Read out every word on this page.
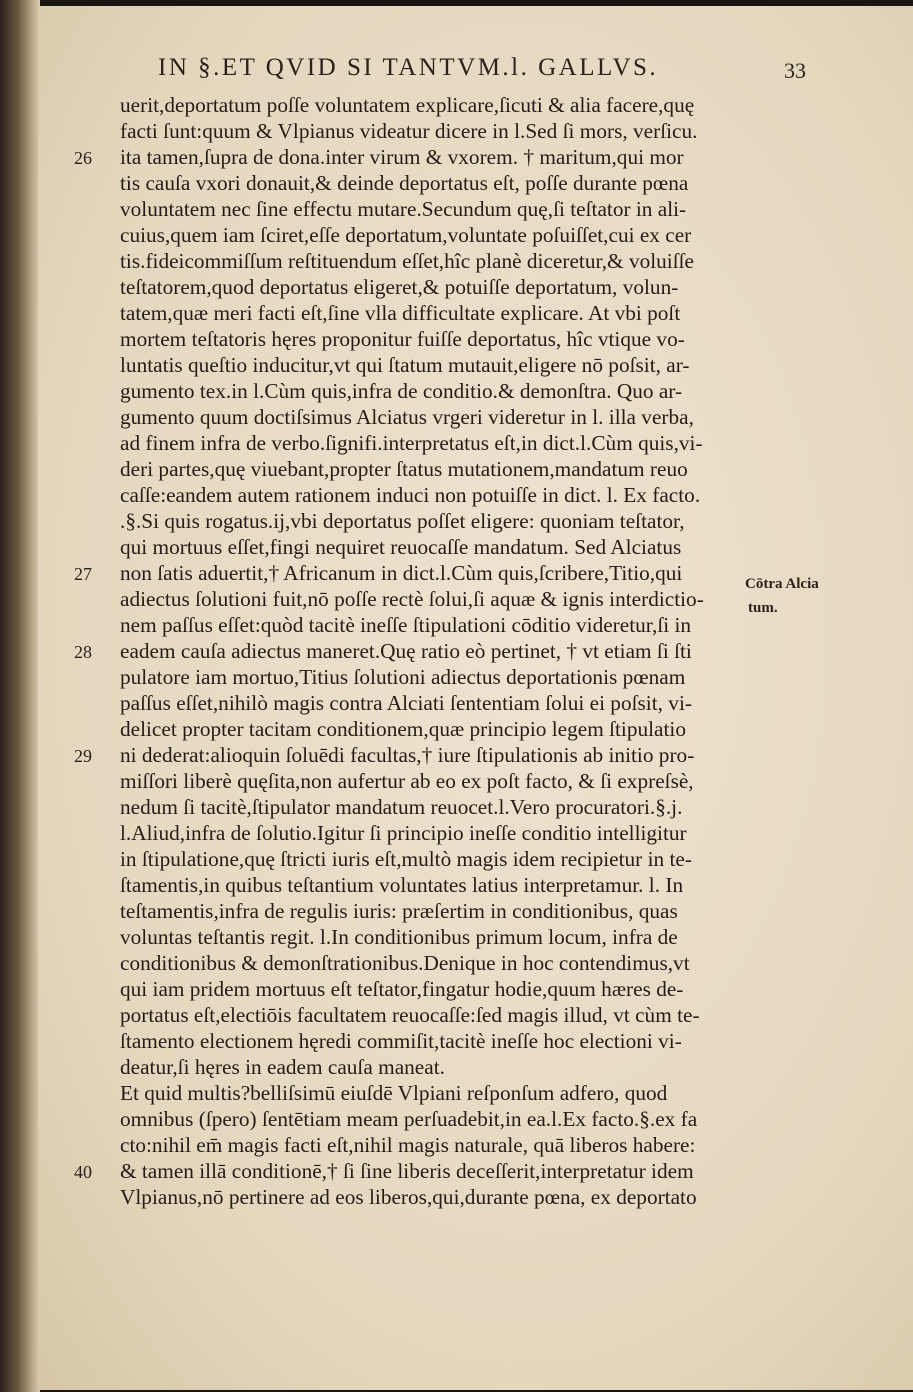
IN §.ET QVID SI TANTVM.l. GALLVS.	33
uerit,deportatum poſſe voluntatem explicare,ſicuti & alia facere,quę
facti ſunt:quum & Vlpianus videatur dicere in l.Sed ſi mors, verſicu.
ita tamen,ſupra de dona.inter virum & vxorem. † maritum,qui mor
26
tis cauſa vxori donauit,& deinde deportatus eſt, poſſe durante pœna
voluntatem nec ſine effectu mutare.Secundum quę,ſi teſtator in ali-
cuius,quem iam ſciret,eſſe deportatum,voluntate poſuiſſet,cui ex cer
tis.fideicommiſſum reſtituendum eſſet,hîc planè diceretur,& voluiſſe
teſtatorem,quod deportatus eligeret,& potuiſſe deportatum, volun-
tatem,quæ meri facti eſt,ſine vlla difficultate explicare. At vbi poſt
mortem teſtatoris hęres proponitur fuiſſe deportatus, hîc vtique vo-
luntatis queſtio inducitur,vt qui ſtatum mutauit,eligere nō poſsit, ar-
gumento tex.in l.Cùm quis,infra de conditio.& demonſtra. Quo ar-
gumento quum doctiſsimus Alciatus vrgeri videretur in l. illa verba,
ad finem infra de verbo.ſignifi.interpretatus eſt,in dict.l.Cùm quis,vi-
deri partes,quę viuebant,propter ſtatus mutationem,mandatum reuo
caſſe:eandem autem rationem induci non potuiſſe in dict. l. Ex facto.
.§.Si quis rogatus.ij,vbi deportatus poſſet eligere: quoniam teſtator,
qui mortuus eſſet,fingi nequiret reuocaſſe mandatum. Sed Alciatus
non ſatis aduertit,† Africanum in dict.l.Cùm quis,ſcribere,Titio,qui
27
adiectus ſolutioni fuit,nō poſſe rectè ſolui,ſi aquæ & ignis interdictio-
nem paſſus eſſet:quòd tacitè ineſſe ſtipulationi cōditio videretur,ſi in
eadem cauſa adiectus maneret.Quę ratio eò pertinet, † vt etiam ſi ſti
28
pulatore iam mortuo,Titius ſolutioni adiectus deportationis pœnam
paſſus eſſet,nihilò magis contra Alciati ſententiam ſolui ei poſsit, vi-
delicet propter tacitam conditionem,quæ principio legem ſtipulatio
ni dederat:alioquin ſoluēdi facultas,† iure ſtipulationis ab initio pro-
29
miſſori liberè quęſita,non aufertur ab eo ex poſt facto, & ſi expreſsè,
nedum ſi tacitè,ſtipulator mandatum reuocet.l.Vero procuratori.§.j.
l.Aliud,infra de ſolutio.Igitur ſi principio ineſſe conditio intelligitur
in ſtipulatione,quę ſtricti iuris eſt,multò magis idem recipietur in te-
ſtamentis,in quibus teſtantium voluntates latius interpretamur. l. In
teſtamentis,infra de regulis iuris: præſertim in conditionibus, quas
voluntas teſtantis regit. l.In conditionibus primum locum, infra de
conditionibus & demonſtrationibus.Denique in hoc contendimus,vt
qui iam pridem mortuus eſt teſtator,fingatur hodie,quum hæres de-
portatus eſt,electiōis facultatem reuocaſſe:ſed magis illud, vt cùm te-
ſtamento electionem hęredi commiſit,tacitè ineſſe hoc electioni vi-
deatur,ſi hęres in eadem cauſa maneat.
Et quid multis?belliſsimū eiuſdē Vlpiani reſponſum adfero, quod
omnibus (ſpero) ſentētiam meam perſuadebit,in ea.l.Ex facto.§.ex fa
cto:nihil em̄ magis facti eſt,nihil magis naturale, quā liberos habere:
& tamen illā conditionē,† ſi ſine liberis deceſſerit,interpretatur idem
40
Vlpianus,nō pertinere ad eos liberos,qui,durante pœna, ex deportato
Cōtra Alcia
tum.
